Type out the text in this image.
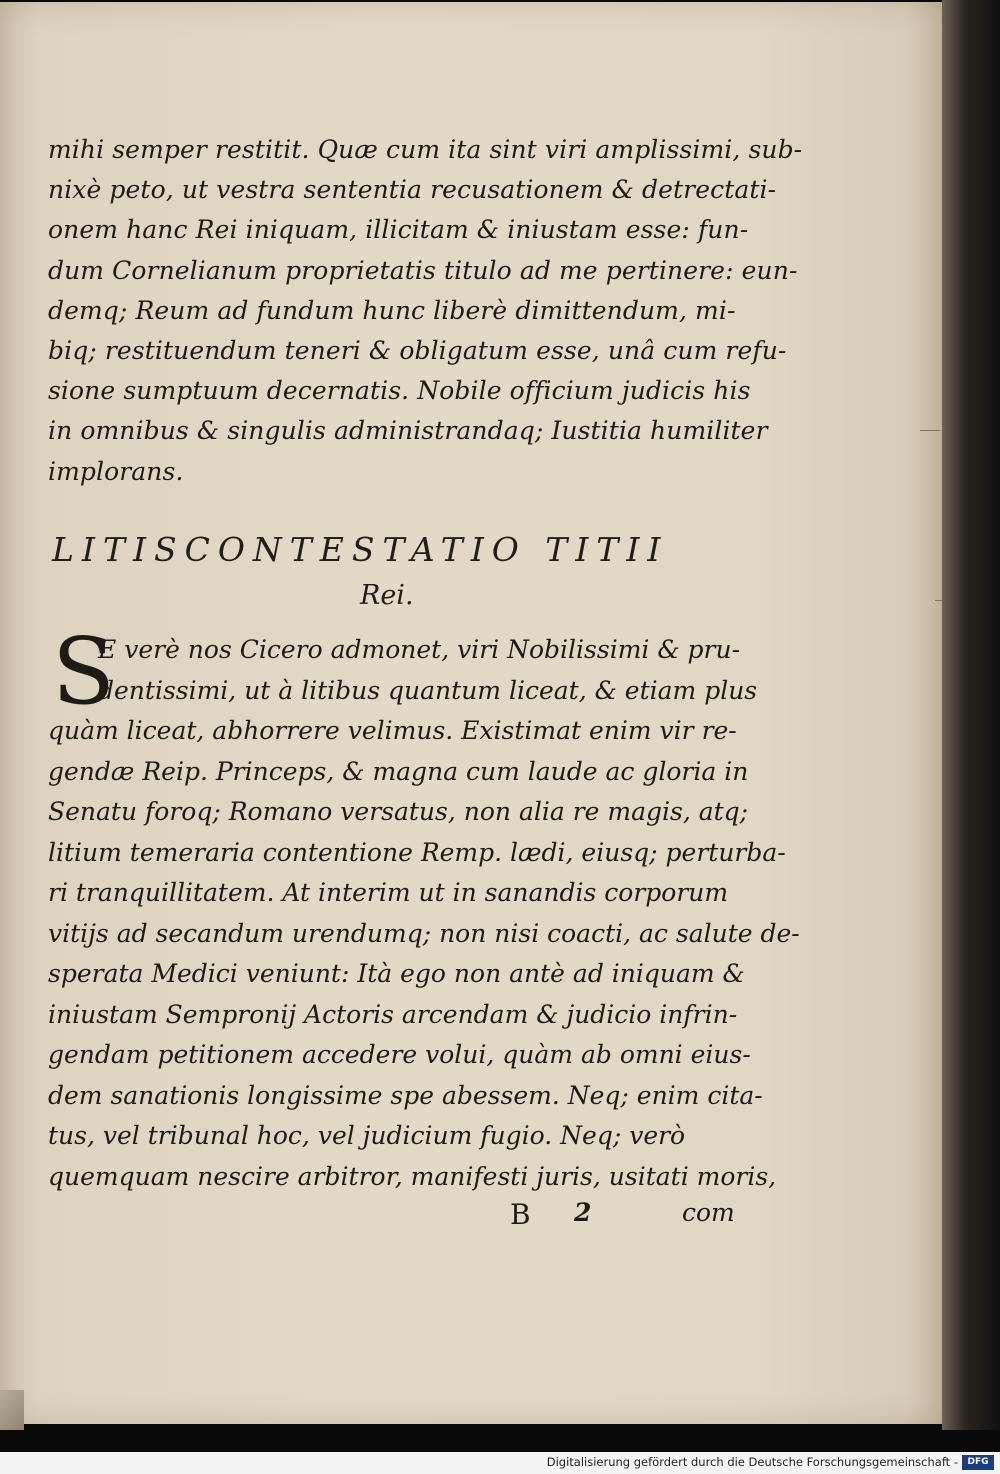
mihi semper restitit. Quæ cum ita sint viri amplissimi, sub-
nixè peto, ut vestra sententia recusationem & detrectati-
onem hanc Rei iniquam, illicitam & iniustam esse: fun-
dum Cornelianum proprietatis titulo ad me pertinere: eun-
demq; Reum ad fundum hunc liberè dimittendum, mi-
biq; restituendum teneri & obligatum esse, unâ cum refu-
sione sumptuum decernatis. Nobile officium judicis his
in omnibus & singulis administrandaq; Iustitia humiliter
implorans.
LITISCONTESTATIO TITII
Rei.
S
E verè nos Cicero admonet, viri Nobilissimi & pru-
dentissimi, ut à litibus quantum liceat, & etiam plus
quàm liceat, abhorrere velimus. Existimat enim vir re-
gendæ Reip. Princeps, & magna cum laude ac gloria in
Senatu foroq; Romano versatus, non alia re magis, atq;
litium temeraria contentione Remp. lædi, eiusq; perturba-
ri tranquillitatem. At interim ut in sanandis corporum
vitijs ad secandum urendumq; non nisi coacti, ac salute de-
sperata Medici veniunt: Ità ego non antè ad iniquam &
iniustam Sempronij Actoris arcendam & judicio infrin-
gendam petitionem accedere volui, quàm ab omni eius-
dem sanationis longissime spe abessem. Neq; enim cita-
tus, vel tribunal hoc, vel judicium fugio. Neq; verò
quemquam nescire arbitror, manifesti juris, usitati moris,
B 2	com
Digitalisierung gefördert durch die Deutsche Forschungsgemeinschaft -	DFG
